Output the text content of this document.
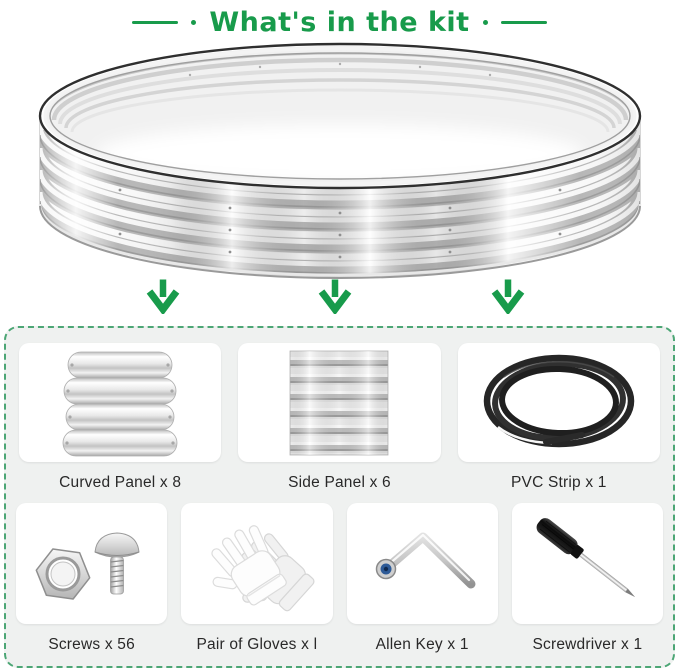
What's in the kit
Curved Panel x 8	Side Panel x 6	PVC Strip x 1
Screws x 56	Pair of Gloves x l	Allen Key x 1	Screwdriver x 1
